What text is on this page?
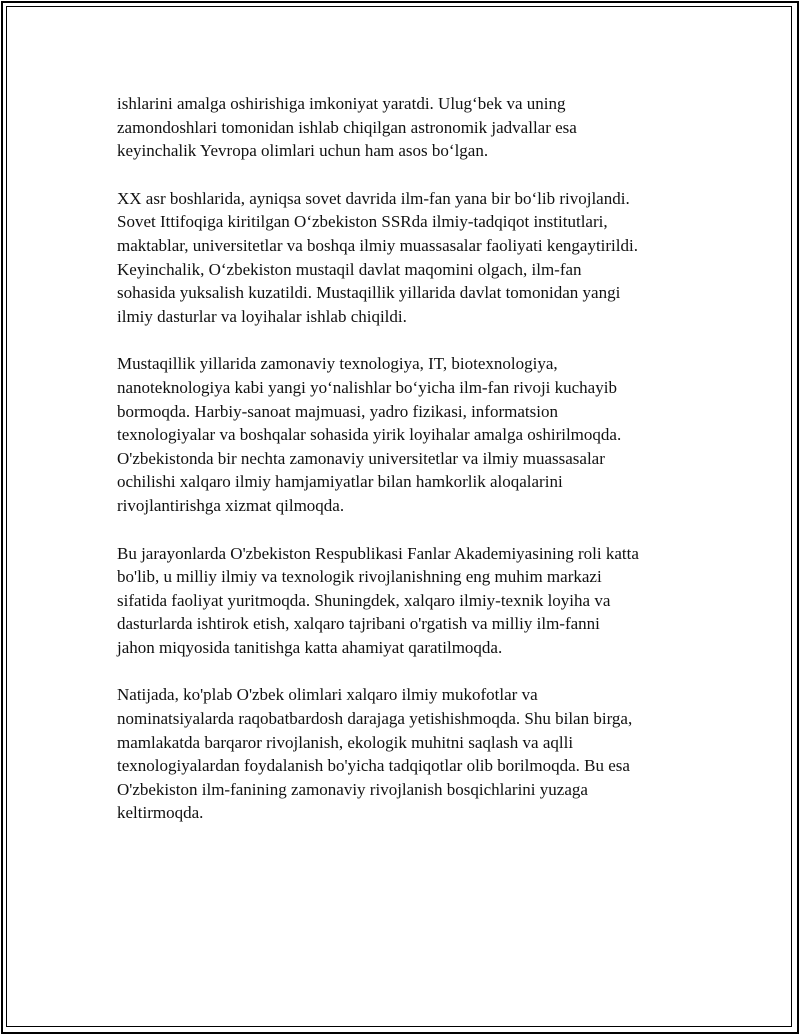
ishlarini amalga oshirishiga imkoniyat yaratdi. Ulug‘bek va uning
zamondoshlari tomonidan ishlab chiqilgan astronomik jadvallar esa
keyinchalik Yevropa olimlari uchun ham asos bo‘lgan.

XX asr boshlarida, ayniqsa sovet davrida ilm-fan yana bir bo‘lib rivojlandi.
Sovet Ittifoqiga kiritilgan O‘zbekiston SSRda ilmiy-tadqiqot institutlari,
maktablar, universitetlar va boshqa ilmiy muassasalar faoliyati kengaytirildi.
Keyinchalik, O‘zbekiston mustaqil davlat maqomini olgach, ilm-fan
sohasida yuksalish kuzatildi. Mustaqillik yillarida davlat tomonidan yangi
ilmiy dasturlar va loyihalar ishlab chiqildi.

Mustaqillik yillarida zamonaviy texnologiya, IT, biotexnologiya,
nanoteknologiya kabi yangi yo‘nalishlar bo‘yicha ilm-fan rivoji kuchayib
bormoqda. Harbiy-sanoat majmuasi, yadro fizikasi, informatsion
texnologiyalar va boshqalar sohasida yirik loyihalar amalga oshirilmoqda.
O'zbekistonda bir nechta zamonaviy universitetlar va ilmiy muassasalar
ochilishi xalqaro ilmiy hamjamiyatlar bilan hamkorlik aloqalarini
rivojlantirishga xizmat qilmoqda.

Bu jarayonlarda O'zbekiston Respublikasi Fanlar Akademiyasining roli katta
bo'lib, u milliy ilmiy va texnologik rivojlanishning eng muhim markazi
sifatida faoliyat yuritmoqda. Shuningdek, xalqaro ilmiy-texnik loyiha va
dasturlarda ishtirok etish, xalqaro tajribani o'rgatish va milliy ilm-fanni
jahon miqyosida tanitishga katta ahamiyat qaratilmoqda.

Natijada, ko'plab O'zbek olimlari xalqaro ilmiy mukofotlar va
nominatsiyalarda raqobatbardosh darajaga yetishishmoqda. Shu bilan birga,
mamlakatda barqaror rivojlanish, ekologik muhitni saqlash va aqlli
texnologiyalardan foydalanish bo'yicha tadqiqotlar olib borilmoqda. Bu esa
O'zbekiston ilm-fanining zamonaviy rivojlanish bosqichlarini yuzaga
keltirmoqda.
